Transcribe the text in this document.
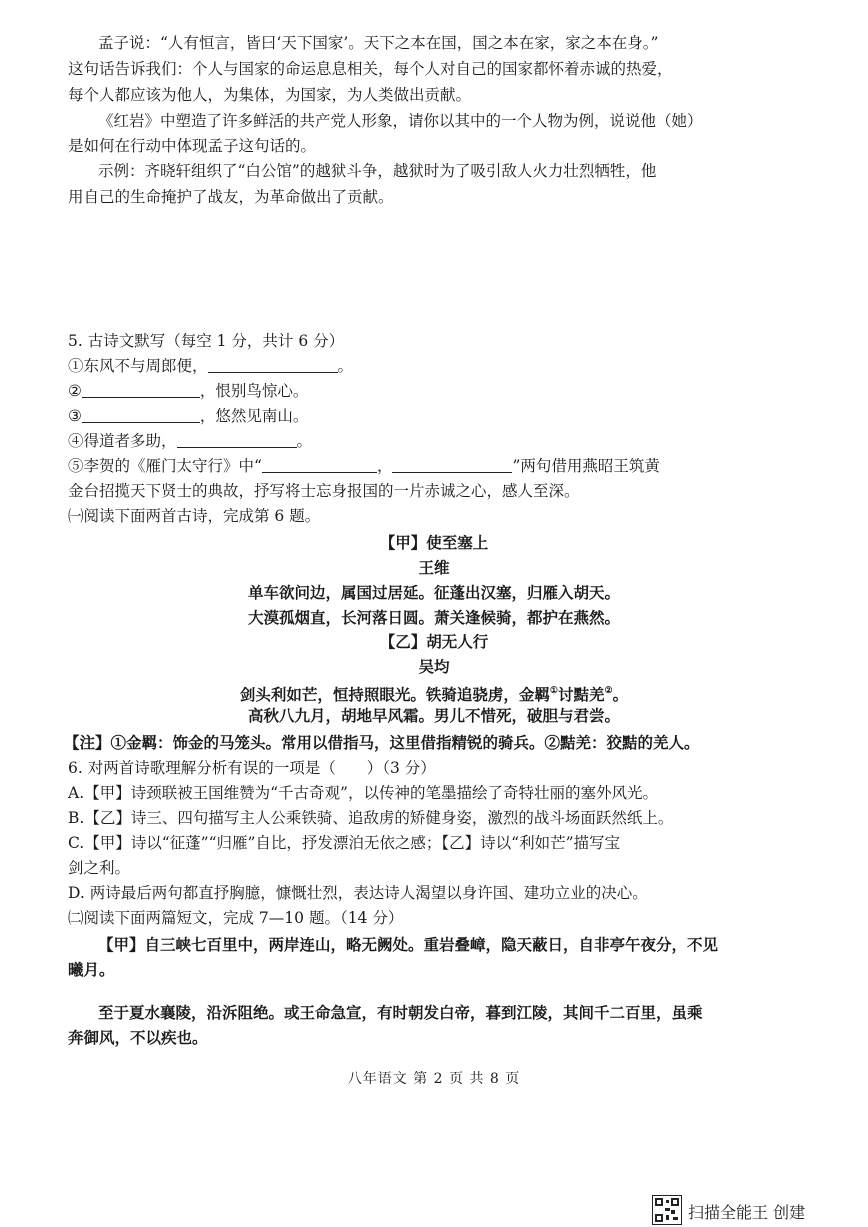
孟子说：“人有恒言，皆曰‘天下国家’。天下之本在国，国之本在家，家之本在身。”
这句话告诉我们：个人与国家的命运息息相关，每个人对自己的国家都怀着赤诚的热爱，
每个人都应该为他人，为集体，为国家，为人类做出贡献。
《红岩》中塑造了许多鲜活的共产党人形象，请你以其中的一个人物为例，说说他（她）
是如何在行动中体现孟子这句话的。
示例：齐晓轩组织了“白公馆”的越狱斗争，越狱时为了吸引敌人火力壮烈牺牲，他
用自己的生命掩护了战友，为革命做出了贡献。
5. 古诗文默写（每空 1 分，共计 6 分）
①东风不与周郎便，	。
②	，恨别鸟惊心。
③	，悠然见南山。
④得道者多助，	。
⑤李贺的《雁门太守行》中“	，	”两句借用燕昭王筑黄
金台招揽天下贤士的典故，抒写将士忘身报国的一片赤诚之心，感人至深。
㈠阅读下面两首古诗，完成第 6 题。
【甲】使至塞上
王维
单车欲问边，属国过居延。征蓬出汉塞，归雁入胡天。
大漠孤烟直，长河落日圆。萧关逢候骑，都护在燕然。
【乙】胡无人行
吴均
剑头利如芒，恒持照眼光。铁骑追骁虏，金羁①讨黠羌②。
高秋八九月，胡地早风霜。男儿不惜死，破胆与君尝。
【注】①金羁：饰金的马笼头。常用以借指马，这里借指精锐的骑兵。②黠羌：狡黠的羌人。
6. 对两首诗歌理解分析有误的一项是（　　）（3 分）
A.【甲】诗颈联被王国维赞为“千古奇观”，以传神的笔墨描绘了奇特壮丽的塞外风光。
B.【乙】诗三、四句描写主人公乘铁骑、追敌虏的矫健身姿，激烈的战斗场面跃然纸上。
C.【甲】诗以“征蓬”“归雁”自比，抒发漂泊无依之感；【乙】诗以“利如芒”描写宝
剑之利。
D. 两诗最后两句都直抒胸臆，慷慨壮烈，表达诗人渴望以身许国、建功立业的决心。
㈡阅读下面两篇短文，完成 7—10 题。（14 分）
【甲】自三峡七百里中，两岸连山，略无阙处。重岩叠嶂，隐天蔽日，自非亭午夜分，不见
曦月。
至于夏水襄陵，沿泝阻绝。或王命急宣，有时朝发白帝，暮到江陵，其间千二百里，虽乘
奔御风，不以疾也。
八年语文 第 2 页 共 8 页
扫描全能王 创建
